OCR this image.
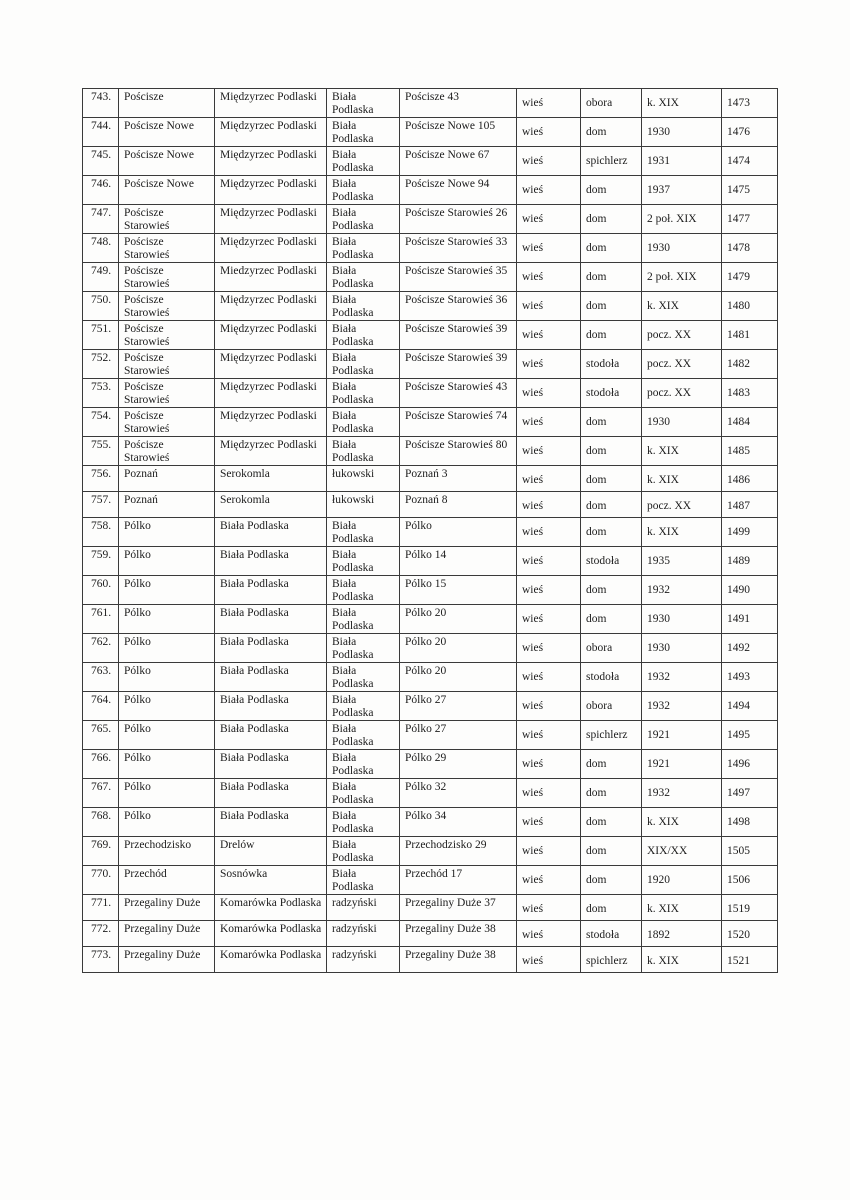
743.	Pościsze	Międzyrzec Podlaski	Biała Podlaska	Pościsze 43	wieś	obora	k. XIX	1473
744.	Pościsze Nowe	Międzyrzec Podlaski	Biała Podlaska	Pościsze Nowe 105	wieś	dom	1930	1476
745.	Pościsze Nowe	Międzyrzec Podlaski	Biała Podlaska	Pościsze Nowe 67	wieś	spichlerz	1931	1474
746.	Pościsze Nowe	Międzyrzec Podlaski	Biała Podlaska	Pościsze Nowe 94	wieś	dom	1937	1475
747.	Pościsze Starowieś	Międzyrzec Podlaski	Biała Podlaska	Pościsze Starowieś 26	wieś	dom	2 poł. XIX	1477
748.	Pościsze Starowieś	Międzyrzec Podlaski	Biała Podlaska	Pościsze Starowieś 33	wieś	dom	1930	1478
749.	Pościsze Starowieś	Miedzyrzec Podlaski	Biała Podlaska	Pościsze Starowieś 35	wieś	dom	2 poł. XIX	1479
750.	Pościsze Starowieś	Międzyrzec Podlaski	Biała Podlaska	Pościsze Starowieś 36	wieś	dom	k. XIX	1480
751.	Pościsze Starowieś	Międzyrzec Podlaski	Biała Podlaska	Pościsze Starowieś 39	wieś	dom	pocz. XX	1481
752.	Pościsze Starowieś	Międzyrzec Podlaski	Biała Podlaska	Pościsze Starowieś 39	wieś	stodoła	pocz. XX	1482
753.	Pościsze Starowieś	Międzyrzec Podlaski	Biała Podlaska	Pościsze Starowieś 43	wieś	stodoła	pocz. XX	1483
754.	Pościsze Starowieś	Międzyrzec Podlaski	Biała Podlaska	Pościsze Starowieś 74	wieś	dom	1930	1484
755.	Pościsze Starowieś	Międzyrzec Podlaski	Biała Podlaska	Pościsze Starowieś 80	wieś	dom	k. XIX	1485
756.	Poznań	Serokomla	łukowski	Poznań 3	wieś	dom	k. XIX	1486
757.	Poznań	Serokomla	łukowski	Poznań 8	wieś	dom	pocz. XX	1487
758.	Pólko	Biała Podlaska	Biała Podlaska	Pólko	wieś	dom	k. XIX	1499
759.	Pólko	Biała Podlaska	Biała Podlaska	Pólko 14	wieś	stodoła	1935	1489
760.	Pólko	Biała Podlaska	Biała Podlaska	Pólko 15	wieś	dom	1932	1490
761.	Pólko	Biała Podlaska	Biała Podlaska	Pólko 20	wieś	dom	1930	1491
762.	Pólko	Biała Podlaska	Biała Podlaska	Pólko 20	wieś	obora	1930	1492
763.	Pólko	Biała Podlaska	Biała Podlaska	Pólko 20	wieś	stodoła	1932	1493
764.	Pólko	Biała Podlaska	Biała Podlaska	Pólko 27	wieś	obora	1932	1494
765.	Pólko	Biała Podlaska	Biała Podlaska	Pólko 27	wieś	spichlerz	1921	1495
766.	Pólko	Biała Podlaska	Biała Podlaska	Pólko 29	wieś	dom	1921	1496
767.	Pólko	Biała Podlaska	Biała Podlaska	Pólko 32	wieś	dom	1932	1497
768.	Pólko	Biała Podlaska	Biała Podlaska	Pólko 34	wieś	dom	k. XIX	1498
769.	Przechodzisko	Drelów	Biała Podlaska	Przechodzisko 29	wieś	dom	XIX/XX	1505
770.	Przechód	Sosnówka	Biała Podlaska	Przechód 17	wieś	dom	1920	1506
771.	Przegaliny Duże	Komarówka Podlaska	radzyński	Przegaliny Duże 37	wieś	dom	k. XIX	1519
772.	Przegaliny Duże	Komarówka Podlaska	radzyński	Przegaliny Duże 38	wieś	stodoła	1892	1520
773.	Przegaliny Duże	Komarówka Podlaska	radzyński	Przegaliny Duże 38	wieś	spichlerz	k. XIX	1521
